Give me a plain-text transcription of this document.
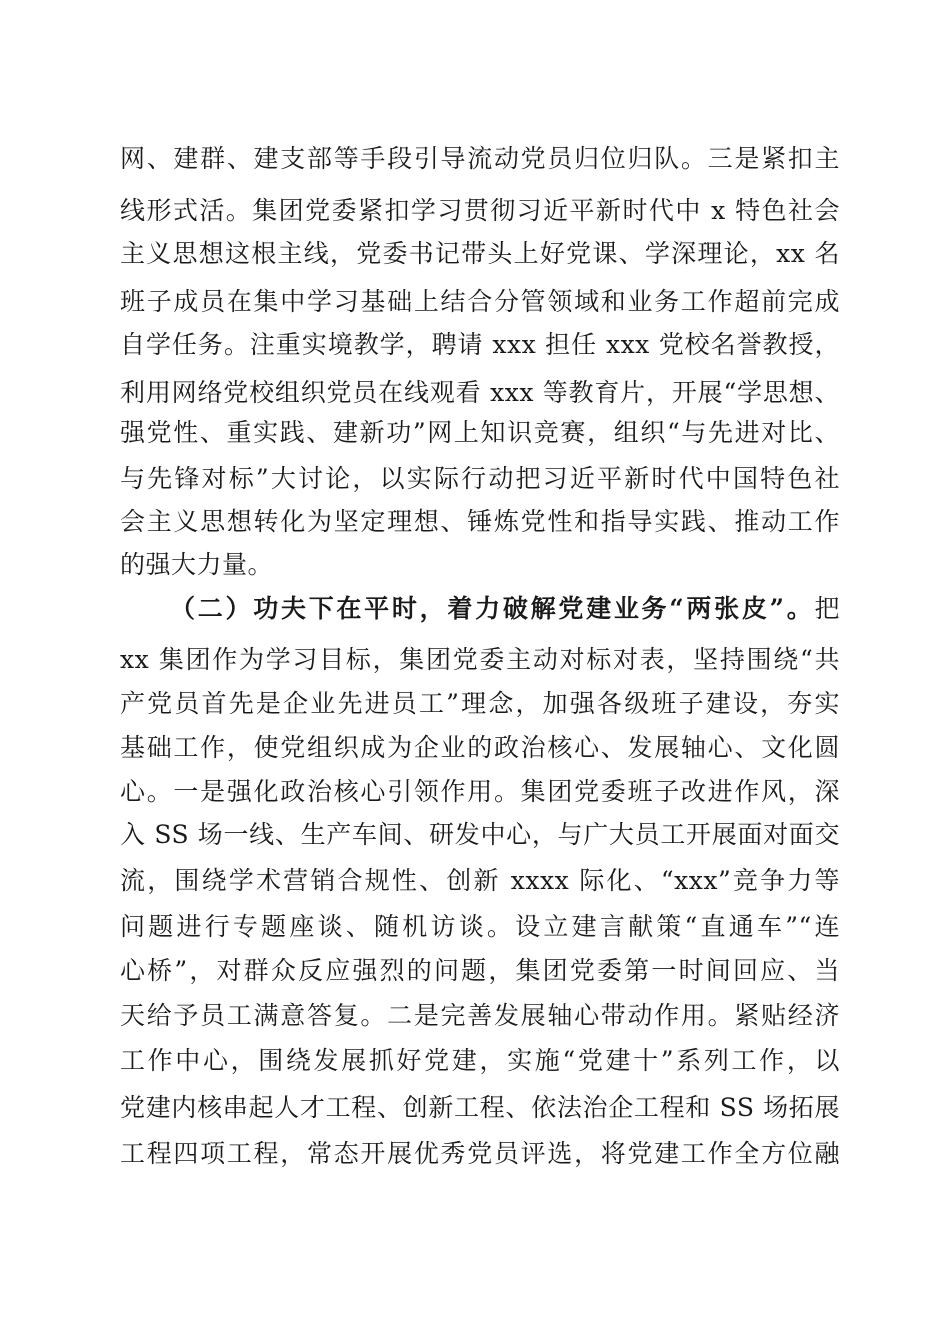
网、建群、建支部等手段引导流动党员归位归队。三是紧扣主
线形式活。集团党委紧扣学习贯彻习近平新时代中 x 特色社会
主义思想这根主线，党委书记带头上好党课、学深理论，xx 名
班子成员在集中学习基础上结合分管领域和业务工作超前完成
自学任务。注重实境教学，聘请 xxx 担任 xxx 党校名誉教授，
利用网络党校组织党员在线观看 xxx 等教育片，开展“学思想、
强党性、重实践、建新功”网上知识竞赛，组织“与先进对比、
与先锋对标”大讨论，以实际行动把习近平新时代中国特色社
会主义思想转化为坚定理想、锤炼党性和指导实践、推动工作
的强大力量。
（二）功夫下在平时，着力破解党建业务“两张皮”。把
xx 集团作为学习目标，集团党委主动对标对表，坚持围绕“共
产党员首先是企业先进员工”理念，加强各级班子建设，夯实
基础工作，使党组织成为企业的政治核心、发展轴心、文化圆
心。一是强化政治核心引领作用。集团党委班子改进作风，深
入 SS 场一线、生产车间、研发中心，与广大员工开展面对面交
流，围绕学术营销合规性、创新 xxxx 际化、“xxx”竞争力等
问题进行专题座谈、随机访谈。设立建言献策“直通车”“连
心桥”，对群众反应强烈的问题，集团党委第一时间回应、当
天给予员工满意答复。二是完善发展轴心带动作用。紧贴经济
工作中心，围绕发展抓好党建，实施“党建十”系列工作，以
党建内核串起人才工程、创新工程、依法治企工程和 SS 场拓展
工程四项工程，常态开展优秀党员评选，将党建工作全方位融
